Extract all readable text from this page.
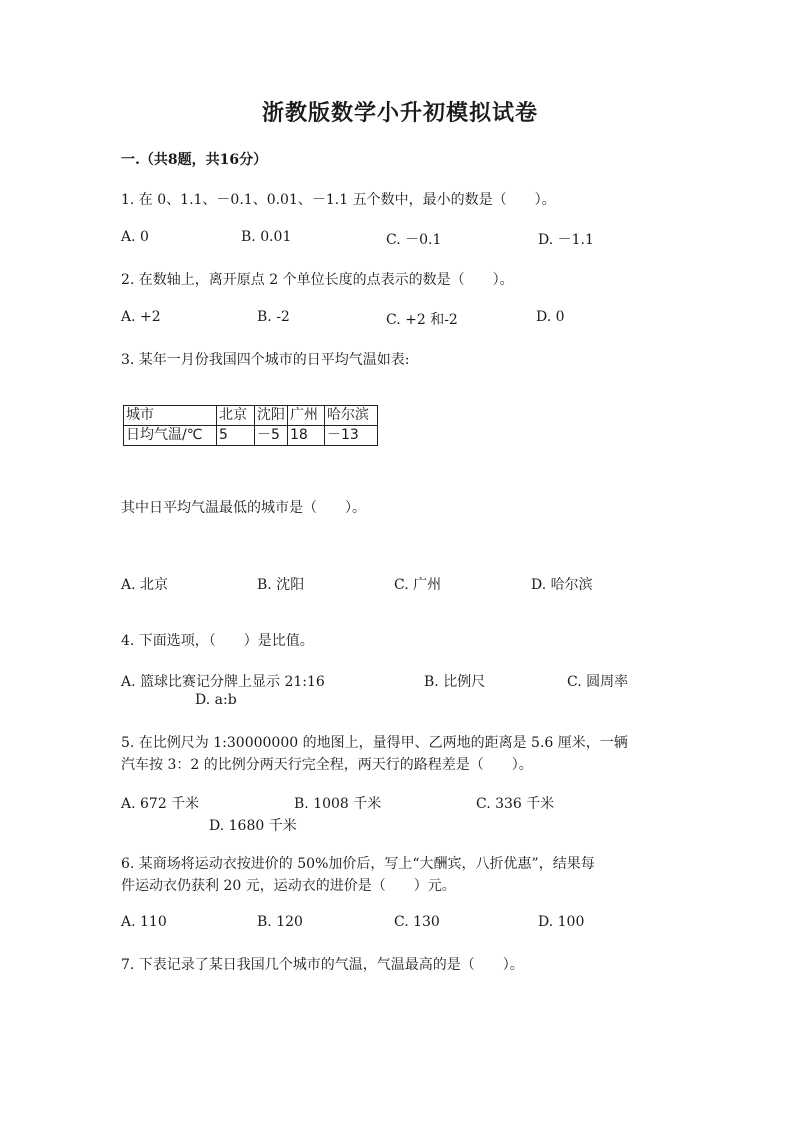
浙教版数学小升初模拟试卷
一.（共8题，共16分）
1. 在 0、1.1、－0.1、0.01、－1.1 五个数中，最小的数是（　　）。
A. 0	B. 0.01	C. －0.1	D. －1.1
2. 在数轴上，离开原点 2 个单位长度的点表示的数是（　　）。
A. +2	B. -2	C. +2 和-2	D. 0
3. 某年一月份我国四个城市的日平均气温如表:
城市	北京	沈阳	广州	哈尔滨
日均气温/℃	5	－5	18	－13
其中日平均气温最低的城市是（　　）。
A. 北京	B. 沈阳	C. 广州	D. 哈尔滨
4. 下面选项，（　　）是比值。
A. 篮球比赛记分牌上显示 21:16	B. 比例尺	C. 圆周率
D. a:b
5. 在比例尺为 1:30000000 的地图上，量得甲、乙两地的距离是 5.6 厘米，一辆
汽车按 3：2 的比例分两天行完全程，两天行的路程差是（　　）。
A. 672 千米	B. 1008 千米	C. 336 千米
D. 1680 千米
6. 某商场将运动衣按进价的 50%加价后，写上“大酬宾，八折优惠”，结果每
件运动衣仍获利 20 元，运动衣的进价是（　　）元。
A. 110	B. 120	C. 130	D. 100
7. 下表记录了某日我国几个城市的气温，气温最高的是（　　）。
